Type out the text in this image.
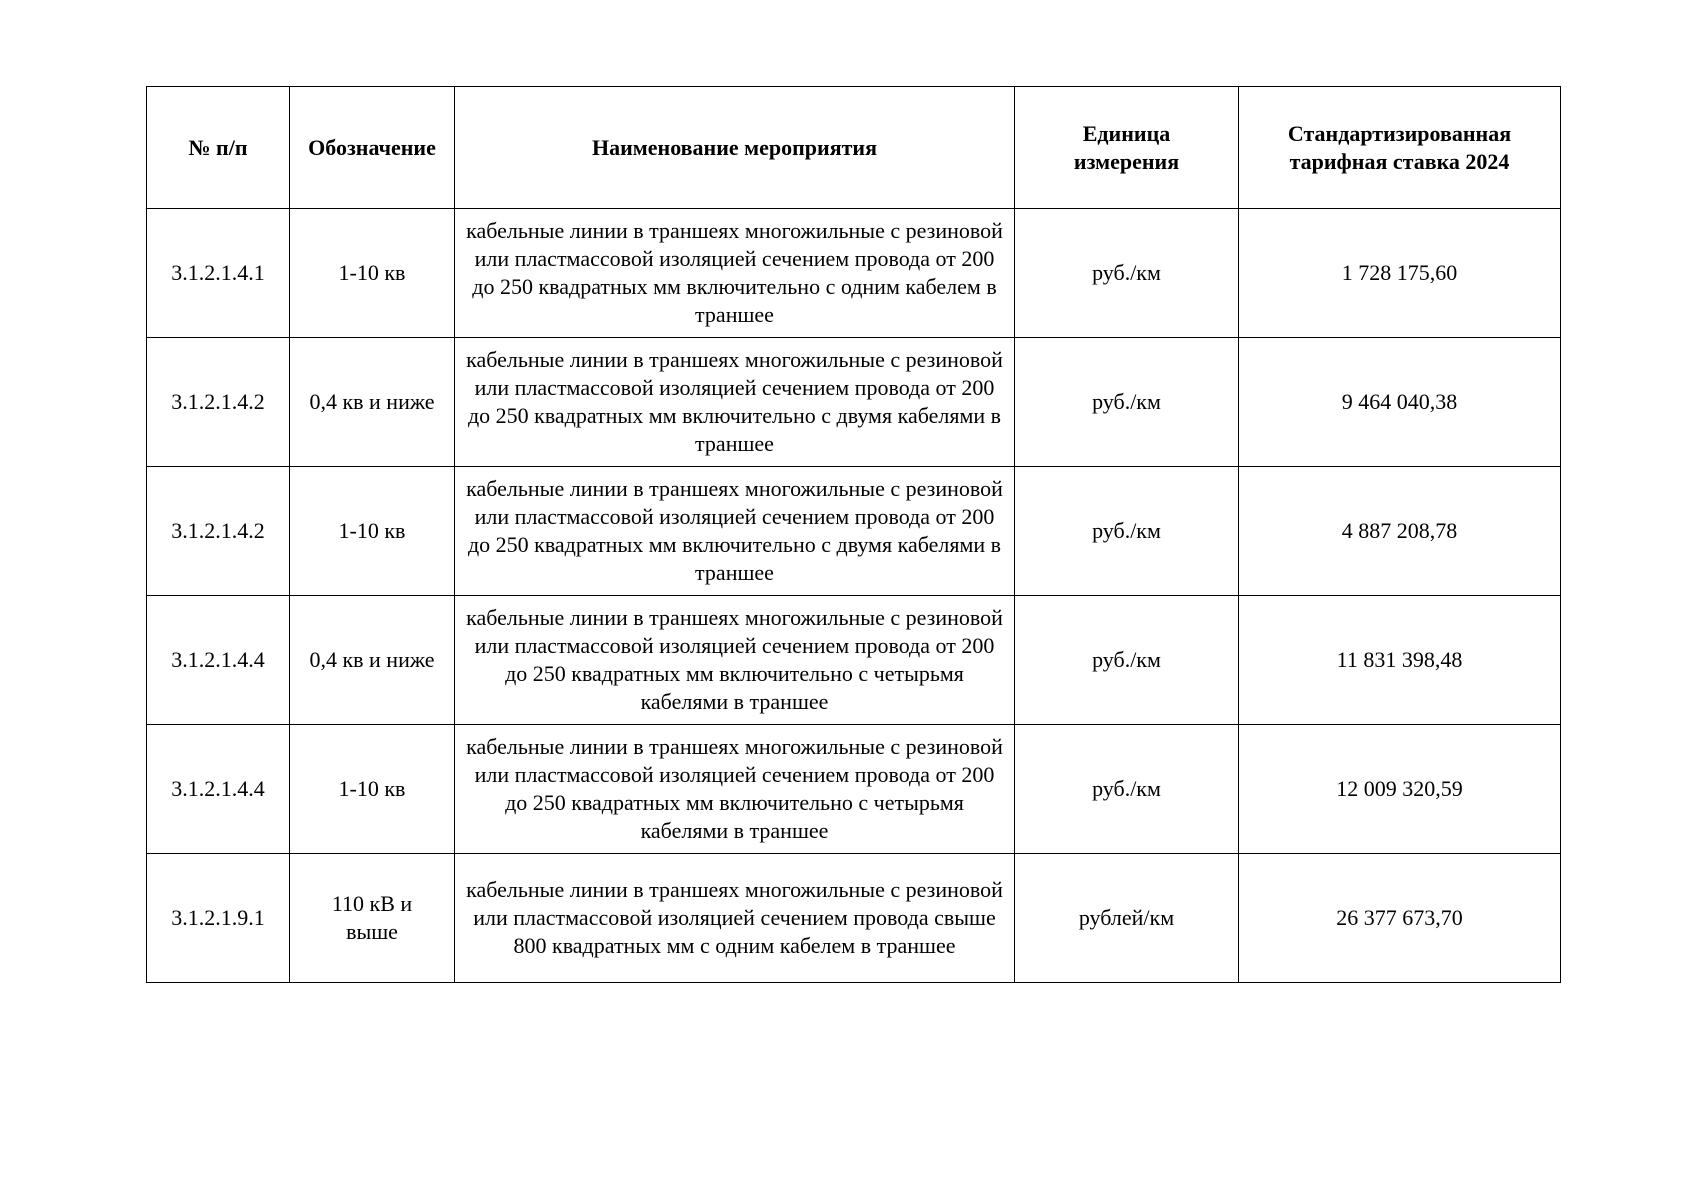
№ п/п	Обозначение	Наименование мероприятия	Единица измерения	Стандартизированная тарифная ставка 2024
3.1.2.1.4.1	1-10 кв	кабельные линии в траншеях многожильные с резиновой или пластмассовой изоляцией сечением провода от 200 до 250 квадратных мм включительно с одним кабелем в траншее	руб./км	1 728 175,60
3.1.2.1.4.2	0,4 кв и ниже	кабельные линии в траншеях многожильные с резиновой или пластмассовой изоляцией сечением провода от 200 до 250 квадратных мм включительно с двумя кабелями в траншее	руб./км	9 464 040,38
3.1.2.1.4.2	1-10 кв	кабельные линии в траншеях многожильные с резиновой или пластмассовой изоляцией сечением провода от 200 до 250 квадратных мм включительно с двумя кабелями в траншее	руб./км	4 887 208,78
3.1.2.1.4.4	0,4 кв и ниже	кабельные линии в траншеях многожильные с резиновой или пластмассовой изоляцией сечением провода от 200 до 250 квадратных мм включительно с четырьмя кабелями в траншее	руб./км	11 831 398,48
3.1.2.1.4.4	1-10 кв	кабельные линии в траншеях многожильные с резиновой или пластмассовой изоляцией сечением провода от 200 до 250 квадратных мм включительно с четырьмя кабелями в траншее	руб./км	12 009 320,59
3.1.2.1.9.1	110 кВ и выше	кабельные линии в траншеях многожильные с резиновой или пластмассовой изоляцией сечением провода свыше 800 квадратных мм с одним кабелем в траншее	рублей/км	26 377 673,70
